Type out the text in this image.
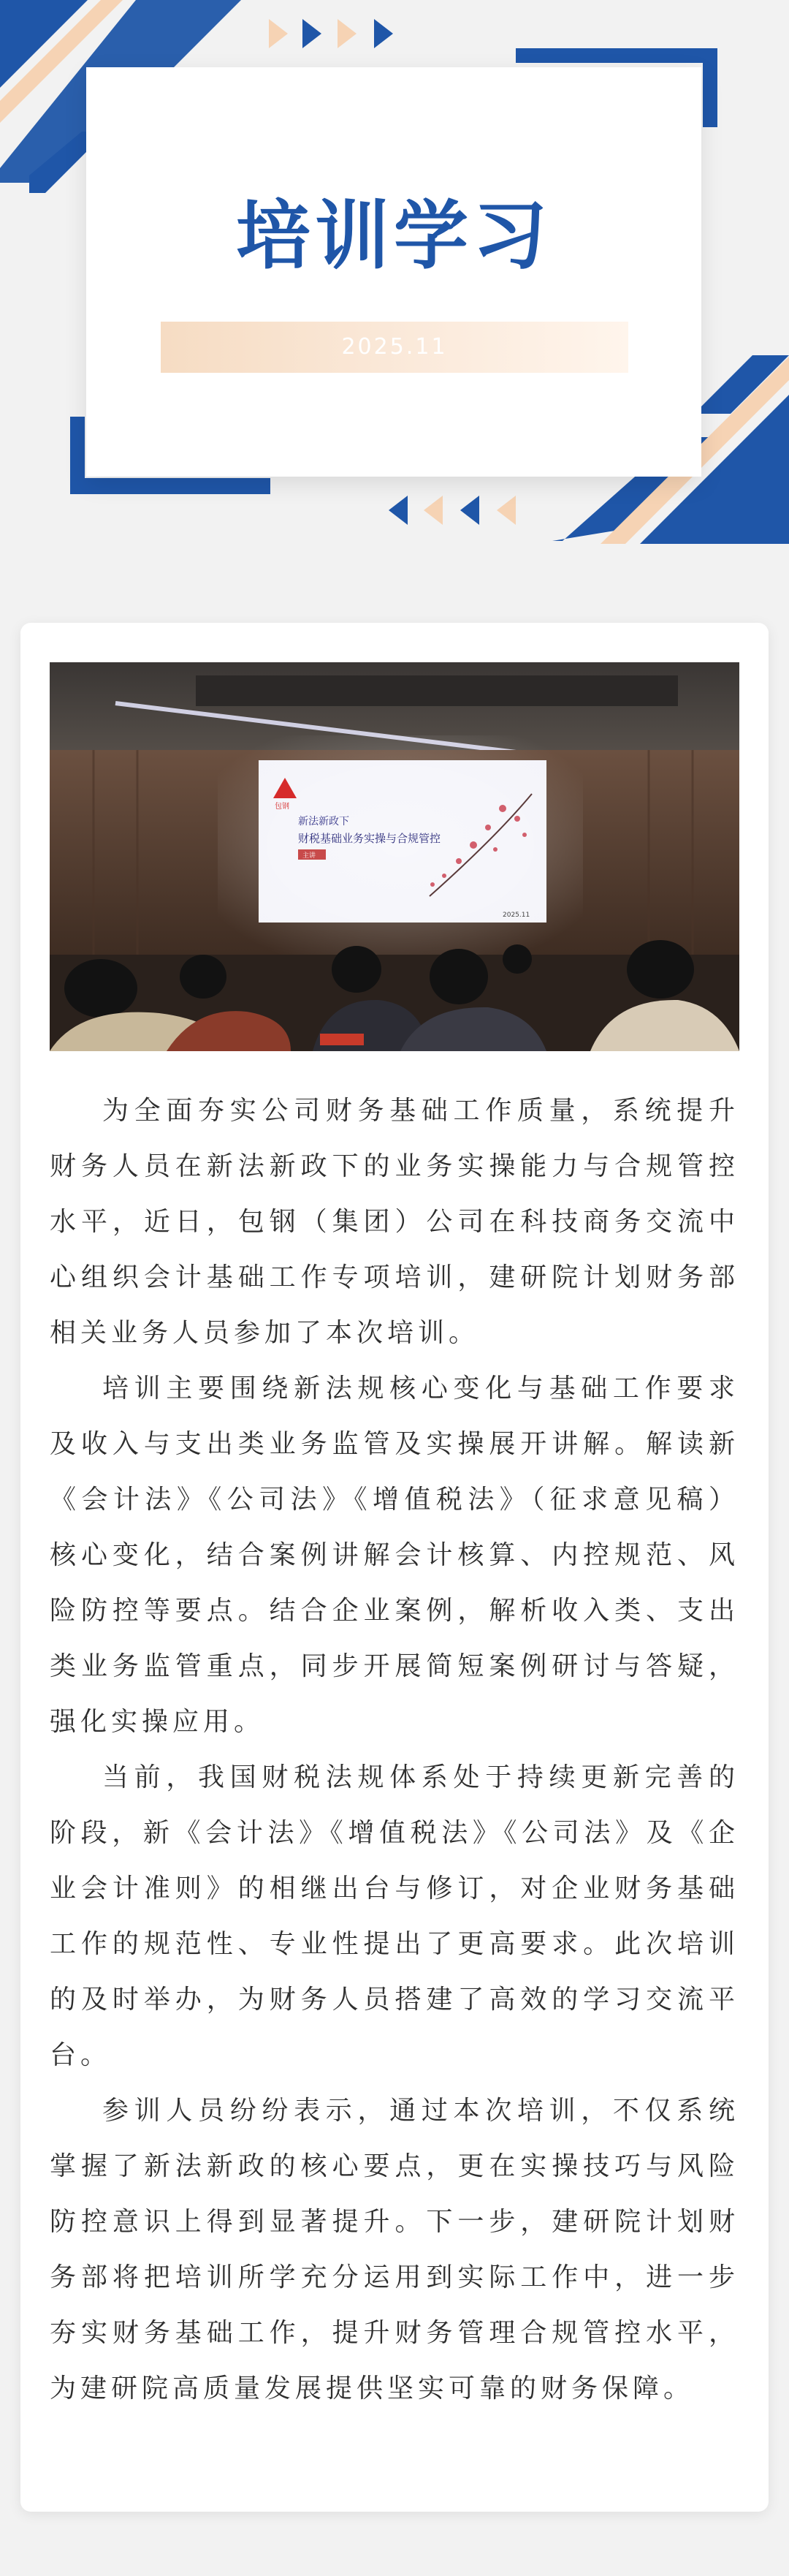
培训学习
2025.11
包钢
新法新政下
财税基础业务实操与合规管控
主讲
2025.11

为全面夯实公司财务基础工作质量，系统提升财务人员在新法新政下的业务实操能力与合规管控水平，近日，包钢（集团）公司在科技商务交流中心组织会计基础工作专项培训，建研院计划财务部相关业务人员参加了本次培训。

培训主要围绕新法规核心变化与基础工作要求及收入与支出类业务监管及实操展开讲解。解读新《会计法》《公司法》《增值税法》（征求意见稿）核心变化，结合案例讲解会计核算、内控规范、风险防控等要点。结合企业案例，解析收入类、支出类业务监管重点，同步开展简短案例研讨与答疑，强化实操应用。

当前，我国财税法规体系处于持续更新完善的阶段，新《会计法》《增值税法》《公司法》及《企业会计准则》的相继出台与修订，对企业财务基础工作的规范性、专业性提出了更高要求。此次培训的及时举办，为财务人员搭建了高效的学习交流平台。

参训人员纷纷表示，通过本次培训，不仅系统掌握了新法新政的核心要点，更在实操技巧与风险防控意识上得到显著提升。下一步，建研院计划财务部将把培训所学充分运用到实际工作中，进一步夯实财务基础工作，提升财务管理合规管控水平，为建研院高质量发展提供坚实可靠的财务保障。
